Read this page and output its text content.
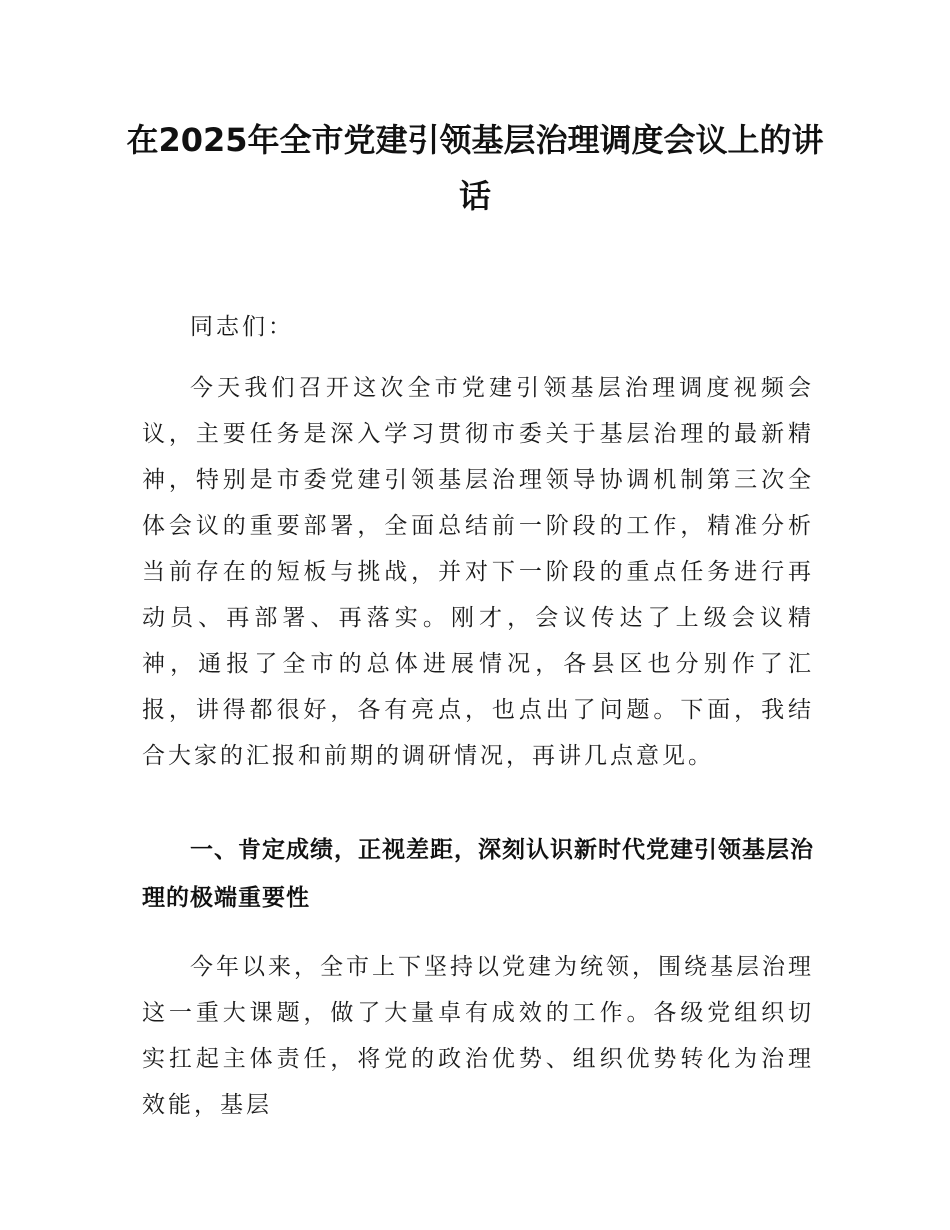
在2025年全市党建引领基层治理调度会议上的讲话

同志们：

今天我们召开这次全市党建引领基层治理调度视频会议，主要任务是深入学习贯彻市委关于基层治理的最新精神，特别是市委党建引领基层治理领导协调机制第三次全体会议的重要部署，全面总结前一阶段的工作，精准分析当前存在的短板与挑战，并对下一阶段的重点任务进行再动员、再部署、再落实。刚才，会议传达了上级会议精神，通报了全市的总体进展情况，各县区也分别作了汇报，讲得都很好，各有亮点，也点出了问题。下面，我结合大家的汇报和前期的调研情况，再讲几点意见。

一、肯定成绩，正视差距，深刻认识新时代党建引领基层治理的极端重要性

今年以来，全市上下坚持以党建为统领，围绕基层治理这一重大课题，做了大量卓有成效的工作。各级党组织切实扛起主体责任，将党的政治优势、组织优势转化为治理效能，基层
